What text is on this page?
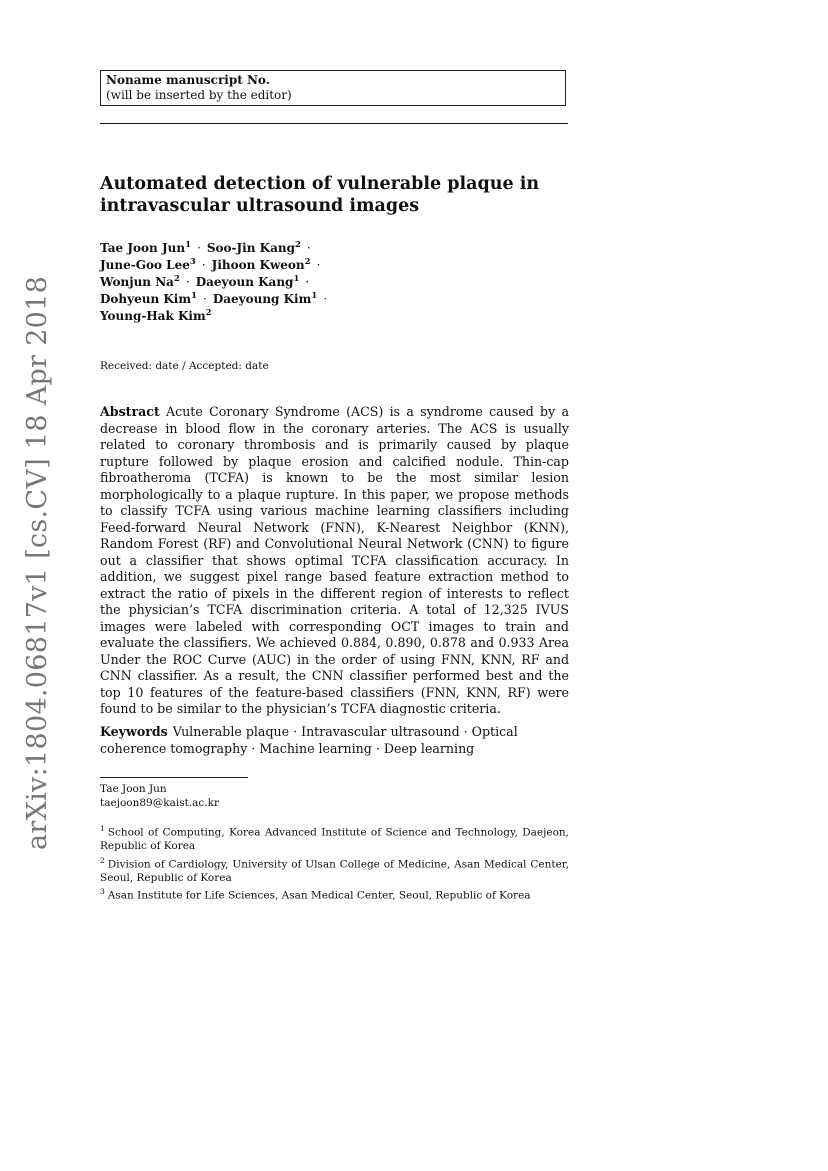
Noname manuscript No.
(will be inserted by the editor)
Automated detection of vulnerable plaque in
intravascular ultrasound images
Tae Joon Jun$^1$ · Soo-Jin Kang$^2$ ·
June-Goo Lee$^3$ · Jihoon Kweon$^2$ ·
Wonjun $Na^2$ · Daeyoun Kang$^1$ ·
Dohyeun Kim$^1$ · Daeyoung Kim$^1$ ·
Young-Hak Kim$^2$
Received: date / Accepted: date

Abstract Acute Coronary Syndrome (ACS) is a syndrome caused by a decrease in blood flow in the coronary arteries. The ACS is usually related to coronary thrombosis and is primarily caused by plaque rupture followed by plaque erosion and calcified nodule. Thin-cap fibroatheroma (TCFA) is known to be the most similar lesion morphologically to a plaque rupture. In this paper, we propose methods to classify TCFA using various machine learning classifiers including Feed-forward Neural Network (FNN), K-Nearest Neighbor (KNN), Random Forest (RF) and Convolutional Neural Network (CNN) to figure out a classifier that shows optimal TCFA classification accuracy. In addition, we suggest pixel range based feature extraction method to extract the ratio of pixels in the different region of interests to reflect the physician’s TCFA discrimination criteria. A total of 12,325 IVUS images were labeled with corresponding OCT images to train and evaluate the classifiers. We achieved 0.884, 0.890, 0.878 and 0.933 Area Under the ROC Curve (AUC) in the order of using FNN, KNN, RF and CNN classifier. As a result, the CNN classifier performed best and the top 10 features of the feature-based classifiers (FNN, KNN, RF) were found to be similar to the physician’s TCFA diagnostic criteria.

Keywords Vulnerable plaque · Intravascular ultrasound · Optical coherence tomography · Machine learning · Deep learning

Tae Joon Jun
taejoon89@kaist.ac.kr
$^1$ School of Computing, Korea Advanced Institute of Science and Technology, Daejeon, Republic of Korea
$^2$ Division of Cardiology, University of Ulsan College of Medicine, Asan Medical Center, Seoul, Republic of Korea
$^3$ Asan Institute for Life Sciences, Asan Medical Center, Seoul, Republic of Korea
arXiv:1804.06817v1 [cs.CV] 18 Apr 2018
